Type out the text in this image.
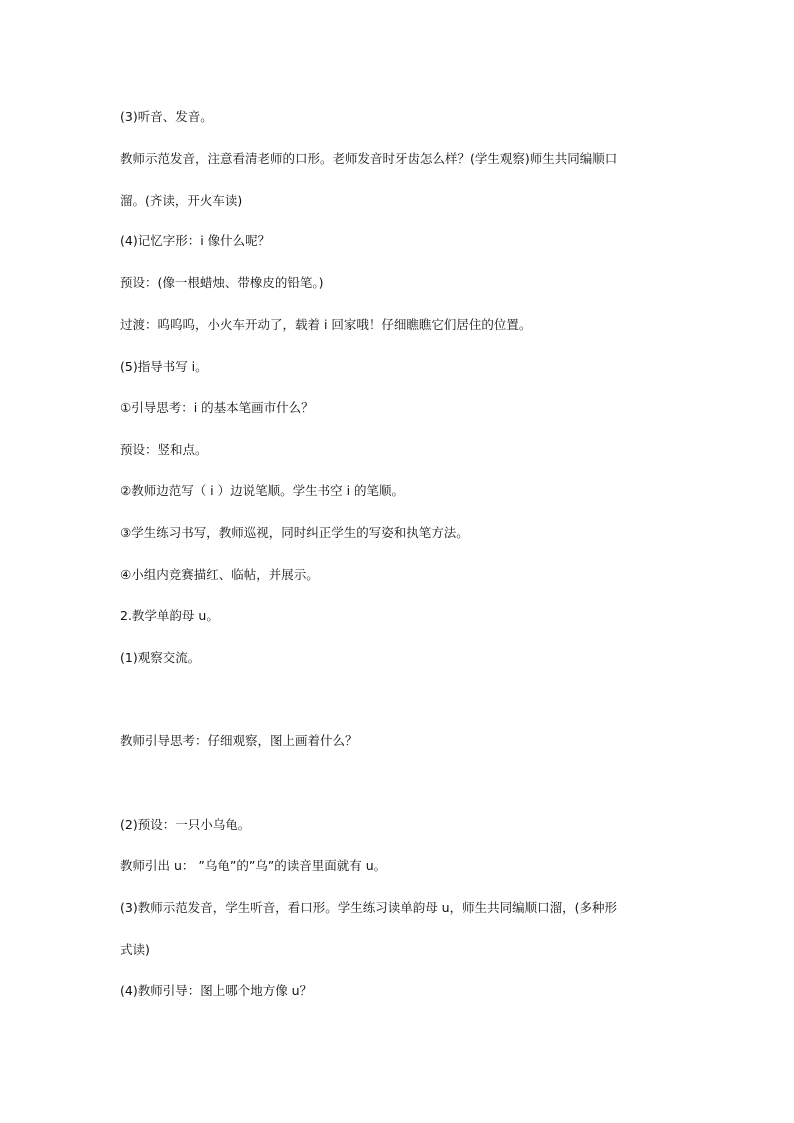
(3)听音、发音。
教师示范发音，注意看清老师的口形。老师发音时牙齿怎么样？(学生观察)师生共同编顺口
溜。(齐读，开火车读)
(4)记忆字形：i 像什么呢？
预设：(像一根蜡烛、带橡皮的铅笔。)
过渡：呜呜呜，小火车开动了，载着 i 回家哦！仔细瞧瞧它们居住的位置。
(5)指导书写 i。
①引导思考：i 的基本笔画市什么？
预设：竖和点。
②教师边范写（ i ）边说笔顺。学生书空 i 的笔顺。
③学生练习书写，教师巡视，同时纠正学生的写姿和执笔方法。
④小组内竞赛描红、临帖，并展示。
2.教学单韵母 u。
(1)观察交流。
教师引导思考：仔细观察，图上画着什么？
(2)预设：一只小乌龟。
教师引出 u： ”乌龟”的”乌”的读音里面就有 u。
(3)教师示范发音，学生听音，看口形。学生练习读单韵母 u，师生共同编顺口溜，(多种形
式读)
(4)教师引导：图上哪个地方像 u？
